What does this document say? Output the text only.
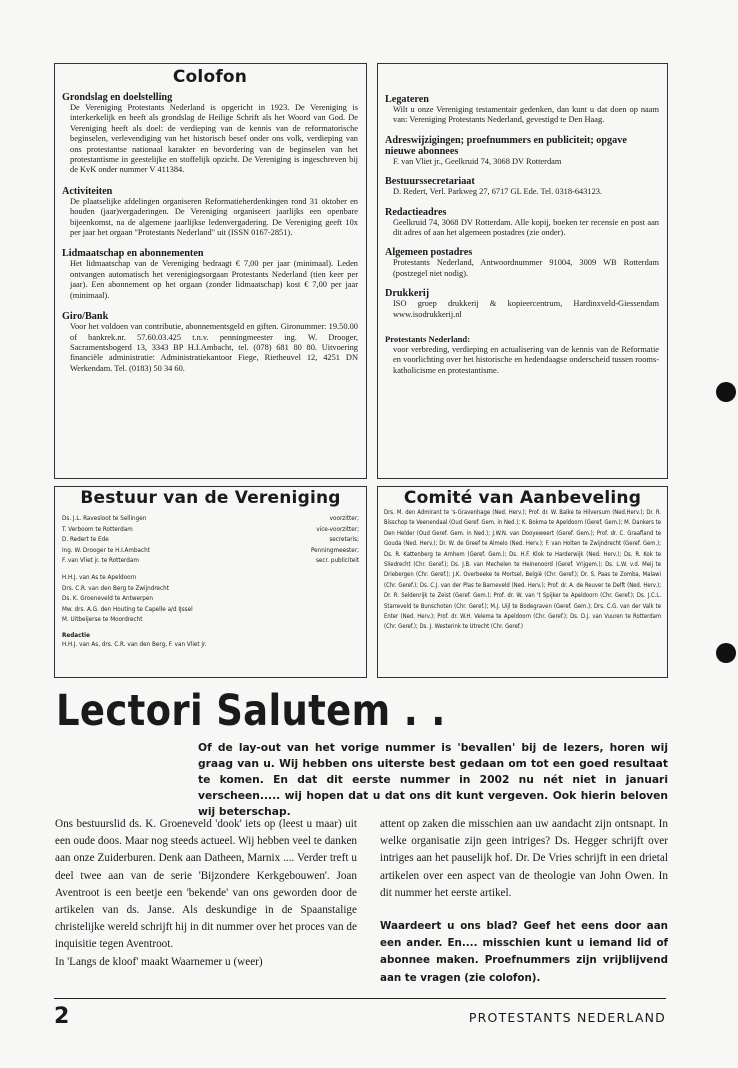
Colofon
Grondslag en doelstelling

De Vereniging Protestants Nederland is opgericht in 1923. De Vereniging is interkerkelijk en heeft als grondslag de Heilige Schrift als het Woord van God. De Vereniging heeft als doel: de verdieping van de kennis van de reformatorische beginselen, verlevendiging van het historisch besef onder ons volk, verdieping van ons protestantse nationaal karakter en bevordering van de beginselen van het protestantisme in geestelijke en stoffelijk opzicht. De Vereniging is ingeschreven bij de KvK onder nummer V 411384.

Activiteiten

De plaatselijke afdelingen organiseren Reformatieherdenkingen rond 31 oktober en houden (jaar)vergaderingen. De Vereniging organiseert jaarlijks een openbare bijeenkomst, na de algemene jaarlijkse ledenvergadering. De Vereniging geeft 10x per jaar het orgaan "Protestants Nederland" uit (ISSN 0167-2851).

Lidmaatschap en abonnementen

Het lidmaatschap van de Vereniging bedraagt € 7,00 per jaar (minimaal). Leden ontvangen automatisch het verenigingsorgaan Protestants Nederland (tien keer per jaar). Een abonnement op het orgaan (zonder lidmaatschap) kost € 7,00 per jaar (minimaal).

Giro/Bank

Voor het voldoen van contributie, abonnementsgeld en giften. Gironummer: 19.50.00 of bankrek.nr. 57.60.03.425 t.n.v. penningmeester ing. W. Drooger, Sacramentsbogerd 13, 3343 BP H.I.Ambacht, tel. (078) 681 80 80. Uitvoering financiële administratie: Administratiekantoor Fiege, Rietheuvel 12, 4251 DN Werkendam. Tel. (0183) 50 34 60.

Legateren

Wilt u onze Vereniging testamentair gedenken, dan kunt u dat doen op naam van: Vereniging Protestants Nederland, gevestigd te Den Haag.

Adreswijzigingen; proefnummers en publiciteit; opgave nieuwe abonnees

F. van Vliet jr., Geelkruid 74, 3068 DV Rotterdam

Bestuurssecretariaat

D. Redert, Verl. Parkweg 27, 6717 GL Ede. Tel. 0318-643123.

Redactieadres

Geelkruid 74, 3068 DV Rotterdam. Alle kopij, boeken ter recensie en post aan dit adres of aan het algemeen postadres (zie onder).

Algemeen postadres

Protestants Nederland, Antwoordnummer 91004, 3009 WB Rotterdam (postzegel niet nodig).

Drukkerij

ISO groep drukkerij & kopieercentrum, Hardinxveld-Giessendam www.isodrukkerij.nl

Protestants Nederland:

voor verbreding, verdieping en actualisering van de kennis van de Reformatie en voorlichting over het historische en hedendaagse onderscheid tussen rooms-katholicisme en protestantisme.

Bestuur van de Vereniging
Ds. J.L. Ravesloot te Sellingen	voorzitter;
T. Verboom te Rotterdam	vice-voorzitter;
D. Redert te Ede	secretaris;
Ing. W. Drooger te H.I.Ambacht	Penningmeester;
F. van Vliet jr. te Rotterdam	secr. publiciteit
H.H.J. van As te Apeldoorn
Drs. C.R. van den Berg te Zwijndrecht
Ds. K. Groeneveld te Antwerpen
Mw. drs. A.G. den Houting te Capelle a/d IJssel
M. Uitbeijerse te Moordrecht
Redactie
H.H.J. van As, drs. C.R. van den Berg, F. van Vliet jr.
Comité van Aanbeveling
Drs. M. den Admirant te 's-Gravenhage (Ned. Herv.); Prof. dr. W. Balke te Hilversum (Ned.Herv.); Dr. R. Bisschop te Veenendaal (Oud Geref. Gem. in Ned.); K. Bokma te Apeldoorn (Geref. Gem.); M. Dankers te Den Helder (Oud Geref. Gem. in Ned.); J.W.N. van Dooyeweert (Geref. Gem.); Prof. dr. C. Graafland te Gouda (Ned. Herv.); Dr. W. de Greef te Almelo (Ned. Herv.); F. van Holten te Zwijndrecht (Geref. Gem.); Ds. R. Kattenberg te Arnhem (Geref. Gem.); Ds. H.F. Klok te Harderwijk (Ned. Herv.); Ds. R. Kok te Sliedrecht (Chr. Geref.); Ds. J.B. van Mechelen te Heinenoord (Geref. Vrijgem.); Ds. L.W. v.d. Meij te Driebergen (Chr. Geref.); J.K. Overbeeke te Mortsel, België (Chr. Geref.); Dr. S. Paas te Zomba, Malawi (Chr. Geref.); Ds. C.J. van der Plas te Barneveld (Ned. Herv.); Prof. dr. A. de Reuver te Delft (Ned. Herv.); Dr. R. Seldenrijk te Zeist (Geref. Gem.); Prof. dr. W. van 't Spijker te Apeldoorn (Chr. Geref.); Ds. J.C.L. Starreveld te Bunschoten (Chr. Geref.); M.J. Uijl te Bodegraven (Geref. Gem.); Drs. C.G. van der Valk te Enter (Ned. Herv.); Prof. dr. W.H. Velema te Apeldoorn (Chr. Geref.); Ds. D.J. van Vuuren te Rotterdam (Chr. Geref.); Ds. J. Westerink te Utrecht (Chr. Geref.)
Lectori Salutem . .
Of de lay-out van het vorige nummer is 'bevallen' bij de lezers, horen wij graag van u. Wij hebben ons uiterste best gedaan om tot een goed resultaat te komen. En dat dit eerste nummer in 2002 nu nét niet in januari verscheen..... wij hopen dat u dat ons dit kunt vergeven. Ook hierin beloven wij beterschap.

Ons bestuurslid ds. K. Groeneveld 'dook' iets op (leest u maar) uit een oude doos. Maar nog steeds actueel. Wij hebben veel te danken aan onze Zuiderburen. Denk aan Datheen, Marnix .... Verder treft u deel twee aan van de serie 'Bijzondere Kerkgebouwen'. Joan Aventroot is een beetje een 'bekende' van ons geworden door de artikelen van ds. Janse. Als deskundige in de Spaanstalige christelijke wereld schrijft hij in dit nummer over het proces van de inquisitie tegen Aventroot.

In 'Langs de kloof' maakt Waarnemer u (weer)

attent op zaken die misschien aan uw aandacht zijn ontsnapt. In welke organisatie zijn geen intriges? Ds. Hegger schrijft over intriges aan het pauselijk hof. Dr. De Vries schrijft in een drietal artikelen over een aspect van de theologie van John Owen. In dit nummer het eerste artikel.

Waardeert u ons blad? Geef het eens door aan een ander. En.... misschien kunt u iemand lid of abonnee maken. Proefnummers zijn vrijblijvend aan te vragen (zie colofon).

2	PROTESTANTS NEDERLAND
